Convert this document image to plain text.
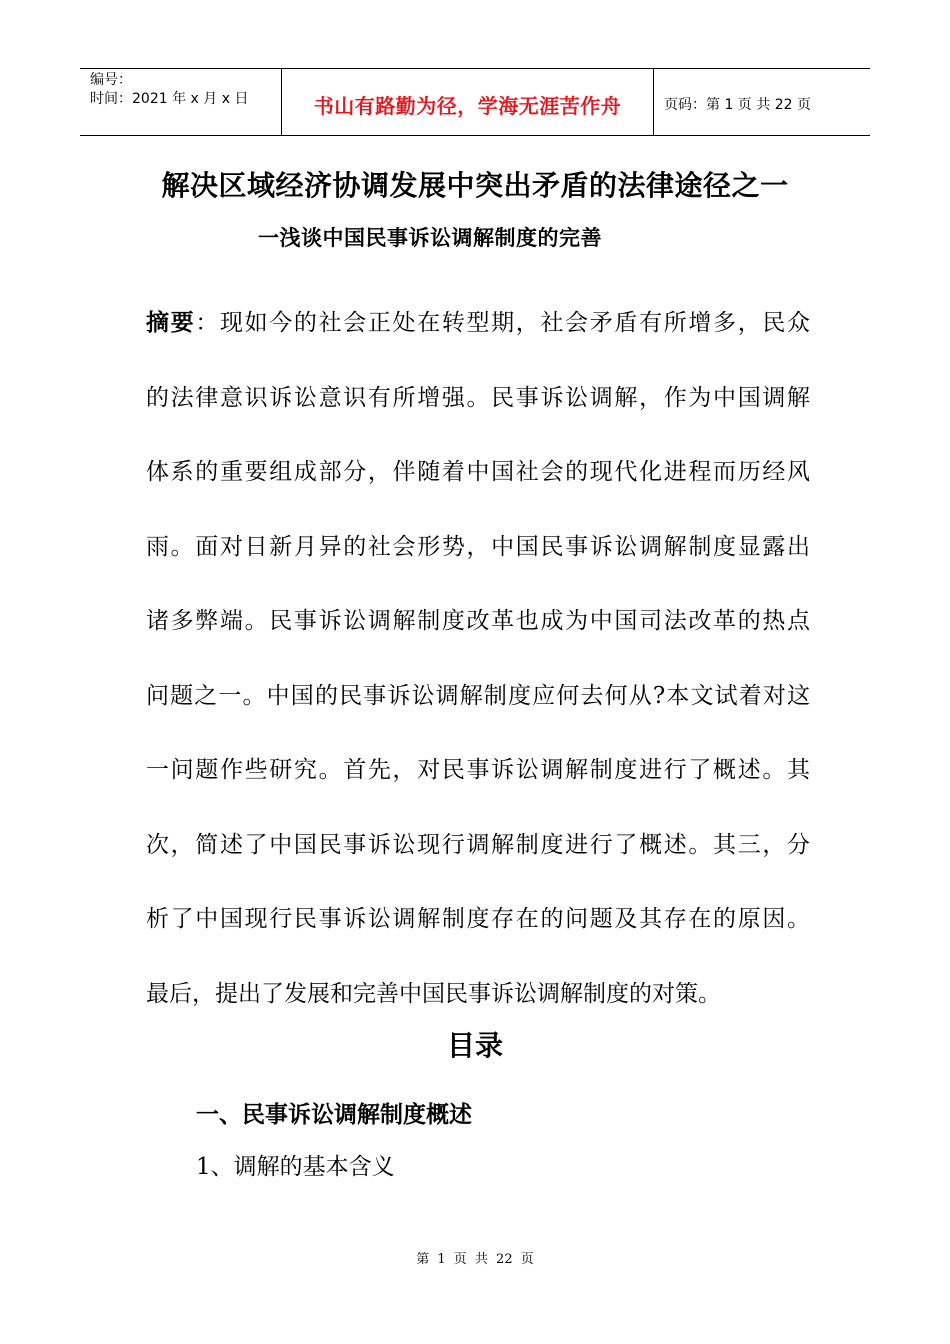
编号：
时间：2021 年 x 月 x 日	书山有路勤为径，学海无涯苦作舟	页码：第 1 页 共 22 页
解决区域经济协调发展中突出矛盾的法律途径之一
一浅谈中国民事诉讼调解制度的完善
摘要：现如今的社会正处在转型期，社会矛盾有所增多，民众
的法律意识诉讼意识有所增强。民事诉讼调解，作为中国调解
体系的重要组成部分，伴随着中国社会的现代化进程而历经风
雨。面对日新月异的社会形势，中国民事诉讼调解制度显露出
诸多弊端。民事诉讼调解制度改革也成为中国司法改革的热点
问题之一。中国的民事诉讼调解制度应何去何从?本文试着对这
一问题作些研究。首先，对民事诉讼调解制度进行了概述。其
次，简述了中国民事诉讼现行调解制度进行了概述。其三，分
析了中国现行民事诉讼调解制度存在的问题及其存在的原因。
最后，提出了发展和完善中国民事诉讼调解制度的对策。
目录
一、民事诉讼调解制度概述
1、调解的基本含义
第 1 页 共 22 页
